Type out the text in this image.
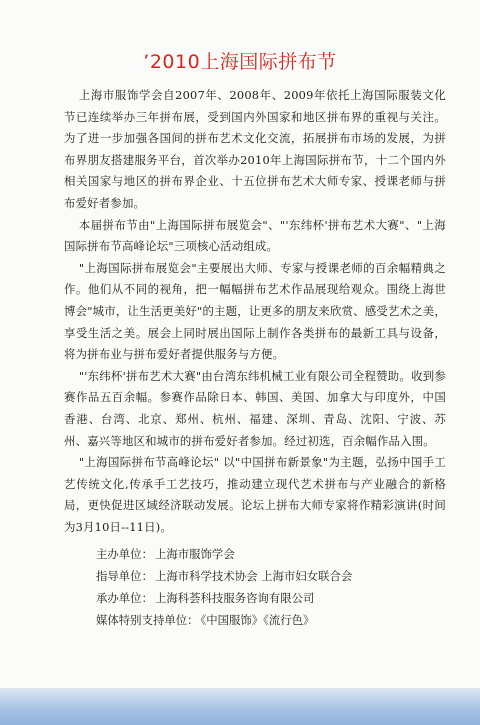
’2010上海国际拼布节

上海市服饰学会自2007年、2008年、2009年依托上海国际服装文化节已连续举办三年拼布展，受到国内外国家和地区拼布界的重视与关注。为了进一步加强各国间的拼布艺术文化交流，拓展拼布市场的发展，为拼布界朋友搭建服务平台，首次举办2010年上海国际拼布节，十二个国内外相关国家与地区的拼布界企业、十五位拼布艺术大师专家、授课老师与拼布爱好者参加。

本届拼布节由"上海国际拼布展览会"、"'东纬杯'拼布艺术大赛"、"上海国际拼布节高峰论坛"三项核心活动组成。

"上海国际拼布展览会"主要展出大师、专家与授课老师的百余幅精典之作。他们从不同的视角，把一幅幅拼布艺术作品展现给观众。围绕上海世博会"城市，让生活更美好"的主题，让更多的朋友来欣赏、感受艺术之美，享受生活之美。展会上同时展出国际上制作各类拼布的最新工具与设备，将为拼布业与拼布爱好者提供服务与方便。

"'东纬杯'拼布艺术大赛"由台湾东纬机械工业有限公司全程赞助。收到参赛作品五百余幅。参赛作品除日本、韩国、美国、加拿大与印度外，中国香港、台湾、北京、郑州、杭州、福建、深圳、青岛、沈阳、宁波、苏州、嘉兴等地区和城市的拼布爱好者参加。经过初选，百余幅作品入围。

"上海国际拼布节高峰论坛" 以"中国拼布新景象"为主题，弘扬中国手工艺传统文化,传承手工艺技巧，推动建立现代艺术拼布与产业融合的新格局，更快促进区域经济联动发展。论坛上拼布大师专家将作精彩演讲(时间为3月10日--11日)。

主办单位： 上海市服饰学会
指导单位： 上海市科学技术协会 上海市妇女联合会
承办单位： 上海科荟科技服务咨询有限公司
媒体特别支持单位： 《中国服饰》《流行色》
